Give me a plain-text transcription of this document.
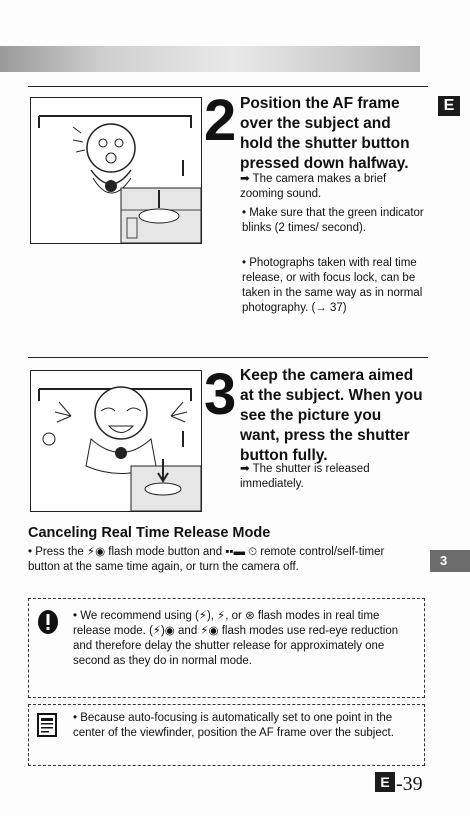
E
2 Position the AF frame over the subject and hold the shutter button pressed down halfway.
➡ The camera makes a brief zooming sound.
• Make sure that the green indicator blinks (2 times/ second).
• Photographs taken with real time release, or with focus lock, can be taken in the same way as in normal photography. (→ 37)
3 Keep the camera aimed at the subject. When you see the picture you want, press the shutter button fully.
➡ The shutter is released immediately.
Canceling Real Time Release Mode
• Press the ⚡◉ flash mode button and ▪▪▬ ⏲ remote control/self-timer button at the same time again, or turn the camera off.	3
• We recommend using (⚡), ⚡, or ⊛ flash modes in real time release mode. (⚡)◉ and ⚡◉ flash modes use red-eye reduction and therefore delay the shutter release for approximately one second as they do in normal mode.
• Because auto-focusing is automatically set to one point in the center of the viewfinder, position the AF frame over the subject.
E -39
